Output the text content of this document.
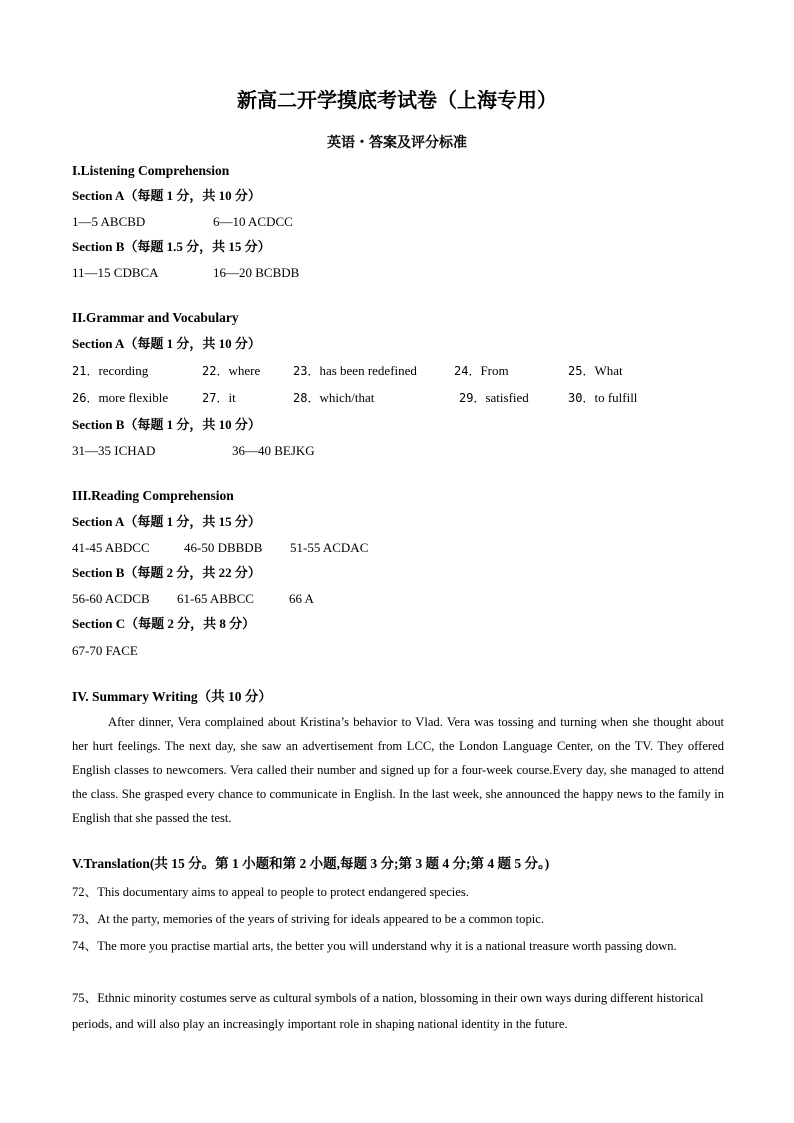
新高二开学摸底考试卷（上海专用）
英语・答案及评分标准
I.Listening Comprehension
Section A（每题 1 分，共 10 分）
1—5 ABCBD	6—10 ACDCC
Section B（每题 1.5 分，共 15 分）
11—15 CDBCA	16—20 BCBDB
II.Grammar and Vocabulary
Section A（每题 1 分，共 10 分）
21．recording	22．where	23．has been redefined	24．From	25．What
26．more flexible	27．it	28．which/that	29．satisfied	30．to fulfill
Section B（每题 1 分，共 10 分）
31—35 ICHAD	36—40 BEJKG
III.Reading Comprehension
Section A（每题 1 分，共 15 分）
41-45 ABDCC	46-50 DBBDB 51-55 ACDAC
Section B（每题 2 分，共 22 分）
56-60 ACDCB 61-65 ABBCC	66 A
Section C（每题 2 分，共 8 分）
67-70 FACE
IV. Summary Writing（共 10 分）
After dinner, Vera complained about Kristina’s behavior to Vlad. Vera was tossing and turning when she thought about her hurt feelings. The next day, she saw an advertisement from LCC, the London Language Center, on the TV. They offered English classes to newcomers. Vera called their number and signed up for a four-week course.Every day, she managed to attend the class. She grasped every chance to communicate in English. In the last week, she announced the happy news to the family in English that she passed the test.
V.Translation(共 15 分。第 1 小题和第 2 小题,每题 3 分;第 3 题 4 分;第 4 题 5 分。)
72、This documentary aims to appeal to people to protect endangered species.
73、At the party, memories of the years of striving for ideals appeared to be a common topic.
74、The more you practise martial arts, the better you will understand why it is a national treasure worth passing down.
75、Ethnic minority costumes serve as cultural symbols of a nation, blossoming in their own ways during different historical periods, and will also play an increasingly important role in shaping national identity in the future.
